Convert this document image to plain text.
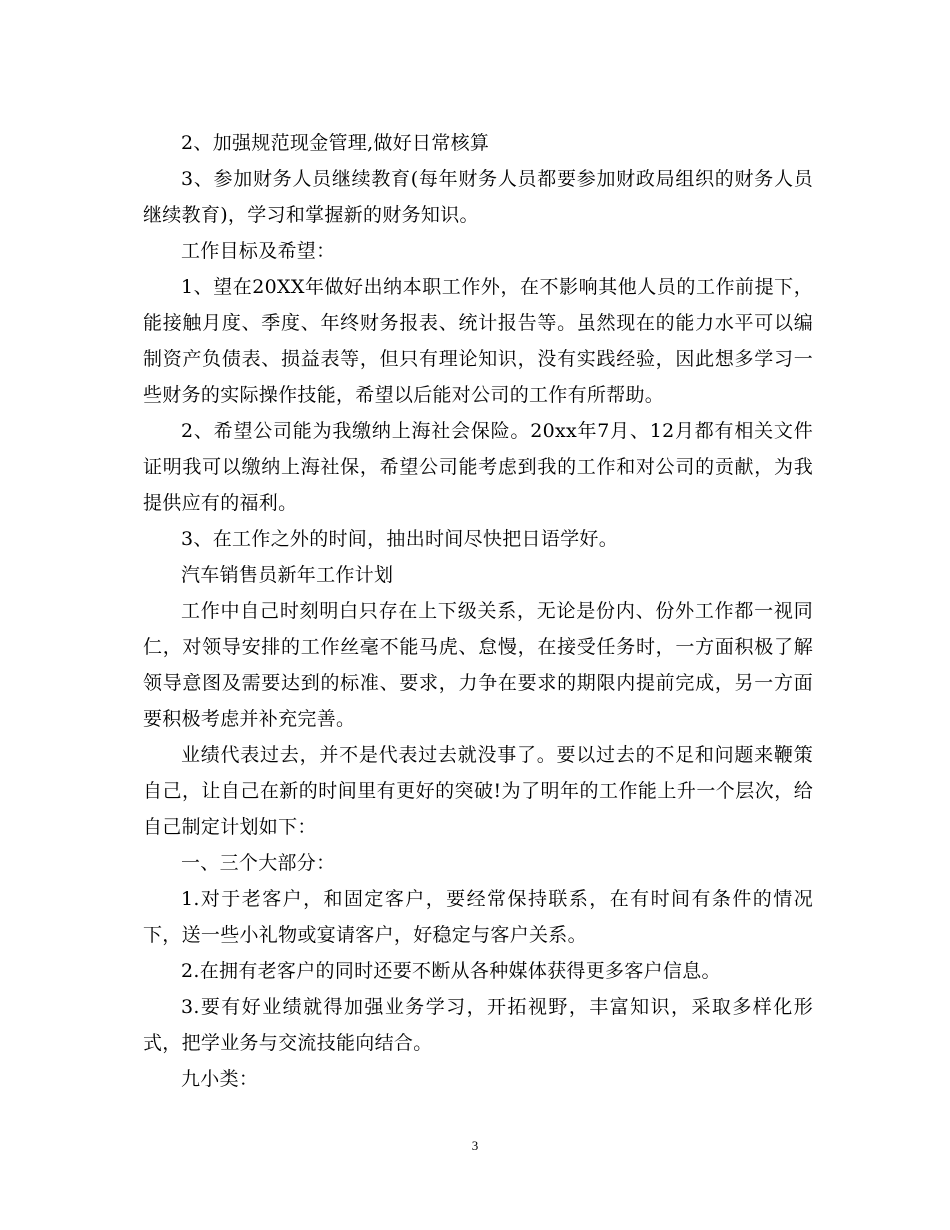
2、加强规范现金管理,做好日常核算

3、参加财务人员继续教育(每年财务人员都要参加财政局组织的财务人员继续教育)，学习和掌握新的财务知识。

工作目标及希望：

1、望在20XX年做好出纳本职工作外，在不影响其他人员的工作前提下，能接触月度、季度、年终财务报表、统计报告等。虽然现在的能力水平可以编制资产负债表、损益表等，但只有理论知识，没有实践经验，因此想多学习一些财务的实际操作技能，希望以后能对公司的工作有所帮助。

2、希望公司能为我缴纳上海社会保险。20xx年7月、12月都有相关文件证明我可以缴纳上海社保，希望公司能考虑到我的工作和对公司的贡献，为我提供应有的福利。

3、在工作之外的时间，抽出时间尽快把日语学好。

汽车销售员新年工作计划

工作中自己时刻明白只存在上下级关系，无论是份内、份外工作都一视同仁，对领导安排的工作丝毫不能马虎、怠慢，在接受任务时，一方面积极了解领导意图及需要达到的标准、要求，力争在要求的期限内提前完成，另一方面要积极考虑并补充完善。

业绩代表过去，并不是代表过去就没事了。要以过去的不足和问题来鞭策自己，让自己在新的时间里有更好的突破!为了明年的工作能上升一个层次，给自己制定计划如下：

一、三个大部分：

1.对于老客户，和固定客户，要经常保持联系，在有时间有条件的情况下，送一些小礼物或宴请客户，好稳定与客户关系。

2.在拥有老客户的同时还要不断从各种媒体获得更多客户信息。

3.要有好业绩就得加强业务学习，开拓视野，丰富知识，采取多样化形式，把学业务与交流技能向结合。

九小类：

3
